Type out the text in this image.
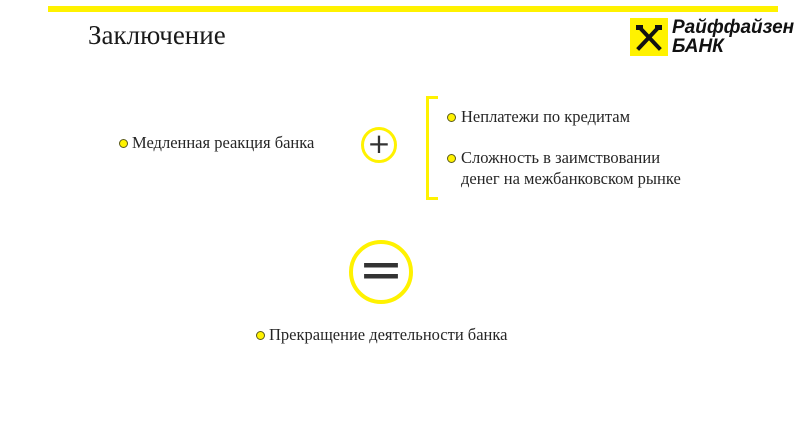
Заключение	Райффайзен
БАНК
Медленная реакция банка +
Неплатежи по кредитам
Сложность в заимствовании
денег на межбанковском рынке
=
Прекращение деятельности банка
